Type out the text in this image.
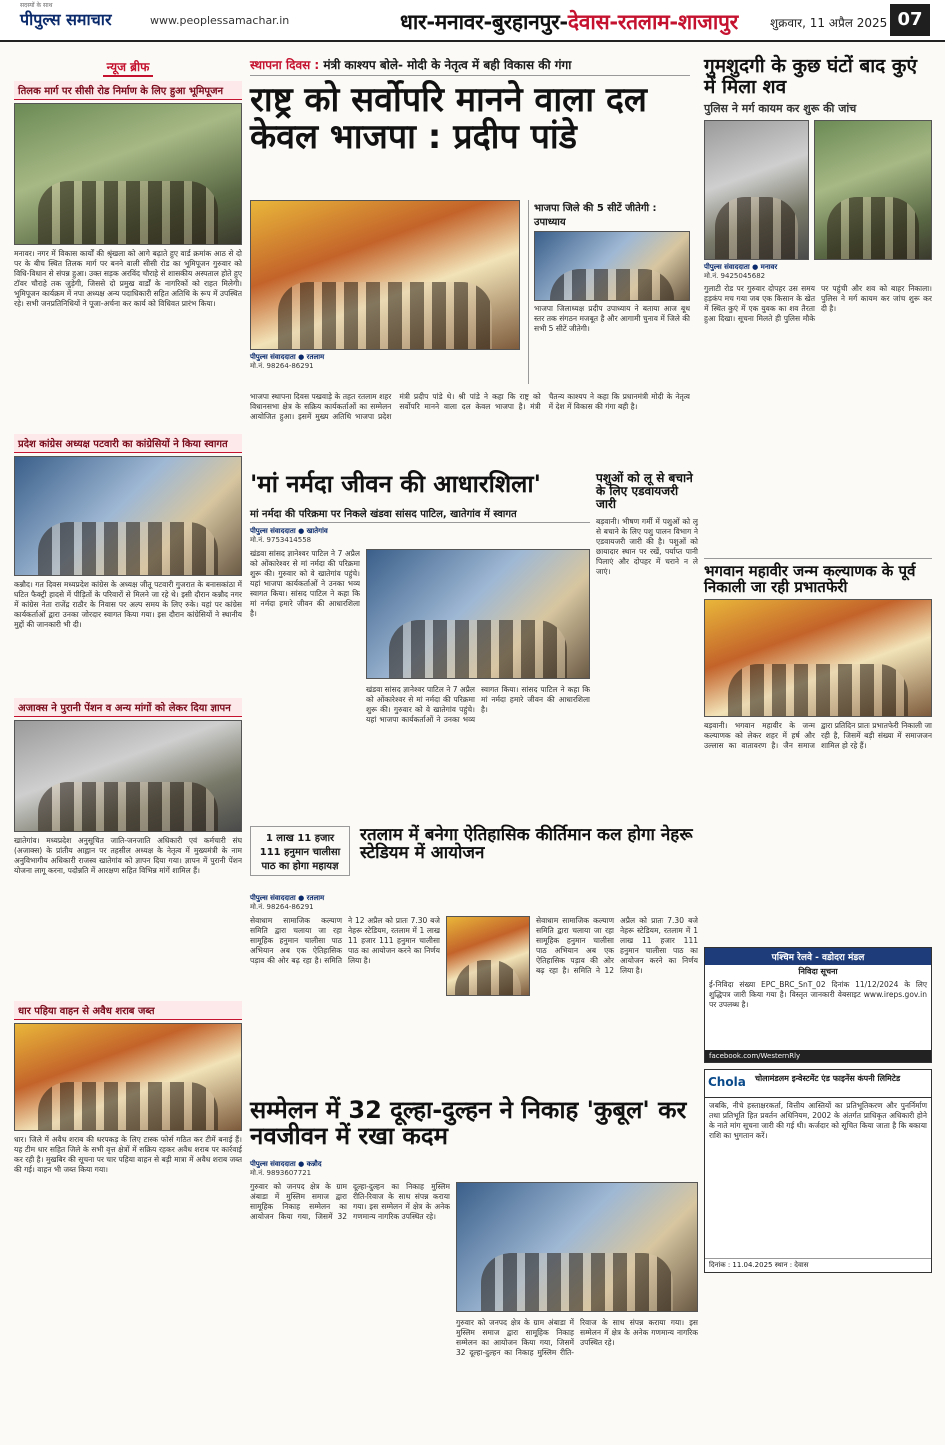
सदस्यों के साथ
पीपुल्स समाचार	www.peoplessamachar.in	धार-मनावर-बुरहानपुर-देवास-रतलाम-शाजापुर	शुक्रवार, 11 अप्रैल 2025 07
न्यूज ब्रीफ
तिलक मार्ग पर सीसी रोड निर्माण के लिए हुआ भूमिपूजन
मनावर। नगर में विकास कार्यों की श्रृंखला को आगे बढ़ाते हुए वार्ड क्रमांक आठ से दो पर के बीच स्थित तिलक मार्ग पर बनने वाली सीसी रोड का भूमिपूजन गुरुवार को विधि-विधान से संपन्न हुआ। उक्त सड़क अरविंद चौराहे से शासकीय अस्पताल होते हुए टॉवर चौराहे तक जुड़ेगी, जिससे दो प्रमुख वार्डों के नागरिकों को राहत मिलेगी। भूमिपूजन कार्यक्रम में नपा अध्यक्ष अन्य पदाधिकारी सहित अतिथि के रूप में उपस्थित रहे। सभी जनप्रतिनिधियों ने पूजा-अर्चना कर कार्य को विधिवत प्रारंभ किया।
प्रदेश कांग्रेस अध्यक्ष पटवारी का कांग्रेसियों ने किया स्वागत
कन्नौद। गत दिवस मध्यप्रदेश कांग्रेस के अध्यक्ष जीतू पटवारी गुजरात के बनासकांठा में घटित फैक्ट्री हादसे में पीड़ितों के परिवारों से मिलने जा रहे थे। इसी दौरान कन्नौद नगर में कांग्रेस नेता राजेंद्र राठौर के निवास पर अल्प समय के लिए रुके। यहां पर कांग्रेस कार्यकर्ताओं द्वारा उनका जोरदार स्वागत किया गया। इस दौरान कांग्रेसियों ने स्थानीय मुद्दों की जानकारी भी दी।
अजाक्स ने पुरानी पेंशन व अन्य मांगों को लेकर दिया ज्ञापन
खातेगांव। मध्यप्रदेश अनुसूचित जाति-जनजाति अधिकारी एवं कर्मचारी संघ (अजाक्स) के प्रांतीय आह्वान पर तहसील अध्यक्ष के नेतृत्व में मुख्यमंत्री के नाम अनुविभागीय अधिकारी राजस्व खातेगांव को ज्ञापन दिया गया। ज्ञापन में पुरानी पेंशन योजना लागू करना, पदोन्नति में आरक्षण सहित विभिन्न मांगें शामिल हैं।
धार पहिया वाहन से अवैध शराब जब्त
धार। जिले में अवैध शराब की धरपकड़ के लिए टास्क फोर्स गठित कर टीमें बनाई हैं। यह टीम धार सहित जिले के सभी वृत्त क्षेत्रों में सक्रिय रहकर अवैध शराब पर कार्रवाई कर रही है। मुखबिर की सूचना पर चार पहिया वाहन से बड़ी मात्रा में अवैध शराब जब्त की गई। वाहन भी जब्त किया गया।
स्थापना दिवस : मंत्री काश्यप बोले- मोदी के नेतृत्व में बही विकास की गंगा
राष्ट्र को सर्वोपरि मानने वाला दल केवल भाजपा : प्रदीप पांडे
पीपुल्स संवाददाता ● रतलाम
मो.नं. 98264-86291
भाजपा जिले की 5 सीटें जीतेगी : उपाध्याय
भाजपा जिलाध्यक्ष प्रदीप उपाध्याय ने बताया आज बूथ स्तर तक संगठन मजबूत है और आगामी चुनाव में जिले की सभी 5 सीटें जीतेगी।
भाजपा स्थापना दिवस पखवाड़े के तहत रतलाम शहर विधानसभा क्षेत्र के सक्रिय कार्यकर्ताओं का सम्मेलन आयोजित हुआ। इसमें मुख्य अतिथि भाजपा प्रदेश मंत्री प्रदीप पांडे थे। श्री पांडे ने कहा कि राष्ट्र को सर्वोपरि मानने वाला दल केवल भाजपा है। मंत्री चैतन्य काश्यप ने कहा कि प्रधानमंत्री मोदी के नेतृत्व में देश में विकास की गंगा बही है।
'मां नर्मदा जीवन की आधारशिला'
मां नर्मदा की परिक्रमा पर निकले खंडवा सांसद पाटिल, खातेगांव में स्वागत
पीपुल्स संवाददाता ● खातेगांव
मो.नं. 9753414558
खंडवा सांसद ज्ञानेश्वर पाटिल ने 7 अप्रैल को ओंकारेश्वर से मां नर्मदा की परिक्रमा शुरू की। गुरुवार को वे खातेगांव पहुंचे। यहां भाजपा कार्यकर्ताओं ने उनका भव्य स्वागत किया। सांसद पाटिल ने कहा कि मां नर्मदा हमारे जीवन की आधारशिला है।
खंडवा सांसद ज्ञानेश्वर पाटिल ने 7 अप्रैल को ओंकारेश्वर से मां नर्मदा की परिक्रमा शुरू की। गुरुवार को वे खातेगांव पहुंचे। यहां भाजपा कार्यकर्ताओं ने उनका भव्य स्वागत किया। सांसद पाटिल ने कहा कि मां नर्मदा हमारे जीवन की आधारशिला है।
पशुओं को लू से बचाने के लिए एडवायजरी जारी
बड़वानी। भीषण गर्मी में पशुओं को लू से बचाने के लिए पशु पालन विभाग ने एडवायजरी जारी की है। पशुओं को छायादार स्थान पर रखें, पर्याप्त पानी पिलाएं और दोपहर में चराने न ले जाएं।
1 लाख 11 हजार 111 हनुमान चालीसा पाठ का होगा महायज्ञ
रतलाम में बनेगा ऐतिहासिक कीर्तिमान कल होगा नेहरू स्टेडियम में आयोजन
पीपुल्स संवाददाता ● रतलाम
मो.नं. 98264-86291
सेवाधाम सामाजिक कल्याण समिति द्वारा चलाया जा रहा सामूहिक हनुमान चालीसा पाठ अभियान अब एक ऐतिहासिक पड़ाव की ओर बढ़ रहा है। समिति ने 12 अप्रैल को प्रातः 7.30 बजे नेहरू स्टेडियम, रतलाम में 1 लाख 11 हजार 111 हनुमान चालीसा पाठ का आयोजन करने का निर्णय लिया है।
सेवाधाम सामाजिक कल्याण समिति द्वारा चलाया जा रहा सामूहिक हनुमान चालीसा पाठ अभियान अब एक ऐतिहासिक पड़ाव की ओर बढ़ रहा है। समिति ने 12 अप्रैल को प्रातः 7.30 बजे नेहरू स्टेडियम, रतलाम में 1 लाख 11 हजार 111 हनुमान चालीसा पाठ का आयोजन करने का निर्णय लिया है।
सम्मेलन में 32 दूल्हा-दुल्हन ने निकाह 'कुबूल' कर नवजीवन में रखा कदम
पीपुल्स संवाददाता ● कन्नौद
मो.नं. 9893607721
गुरुवार को जनपद क्षेत्र के ग्राम अंबाडा में मुस्लिम समाज द्वारा सामूहिक निकाह सम्मेलन का आयोजन किया गया, जिसमें 32 दूल्हा-दुल्हन का निकाह मुस्लिम रीति-रिवाज के साथ संपन्न कराया गया। इस सम्मेलन में क्षेत्र के अनेक गणमान्य नागरिक उपस्थित रहे।
गुरुवार को जनपद क्षेत्र के ग्राम अंबाडा में मुस्लिम समाज द्वारा सामूहिक निकाह सम्मेलन का आयोजन किया गया, जिसमें 32 दूल्हा-दुल्हन का निकाह मुस्लिम रीति-रिवाज के साथ संपन्न कराया गया। इस सम्मेलन में क्षेत्र के अनेक गणमान्य नागरिक उपस्थित रहे।
गुमशुदगी के कुछ घंटों बाद कुएं में मिला शव
पुलिस ने मर्ग कायम कर शुरू की जांच
पीपुल्स संवाददाता ● मनावर
मो.नं. 9425045682
गुलाटी रोड पर गुरुवार दोपहर उस समय हड़कंप मच गया जब एक किसान के खेत में स्थित कुएं में एक युवक का शव तैरता हुआ दिखा। सूचना मिलते ही पुलिस मौके पर पहुंची और शव को बाहर निकाला। पुलिस ने मर्ग कायम कर जांच शुरू कर दी है।
भगवान महावीर जन्म कल्याणक के पूर्व निकाली जा रही प्रभातफेरी
बड़वानी। भगवान महावीर के जन्म कल्याणक को लेकर शहर में हर्ष और उल्लास का वातावरण है। जैन समाज द्वारा प्रतिदिन प्रातः प्रभातफेरी निकाली जा रही है, जिसमें बड़ी संख्या में समाजजन शामिल हो रहे हैं।
पश्चिम रेलवे - वडोदरा मंडल
निविदा सूचना
ई-निविदा संख्या EPC_BRC_SnT_02 दिनांक 11/12/2024 के लिए शुद्धिपत्र जारी किया गया है। विस्तृत जानकारी वेबसाइट www.ireps.gov.in पर उपलब्ध है।
facebook.com/WesternRly
Chola चोलामंडलम इन्वेस्टमेंट एंड फाइनेंस कंपनी लिमिटेड
जबकि, नीचे हस्ताक्षरकर्ता, वित्तीय आस्तियों का प्रतिभूतिकरण और पुनर्निर्माण तथा प्रतिभूति हित प्रवर्तन अधिनियम, 2002 के अंतर्गत प्राधिकृत अधिकारी होने के नाते मांग सूचना जारी की गई थी। कर्जदार को सूचित किया जाता है कि बकाया राशि का भुगतान करें।
दिनांक : 11.04.2025 स्थान : देवास
